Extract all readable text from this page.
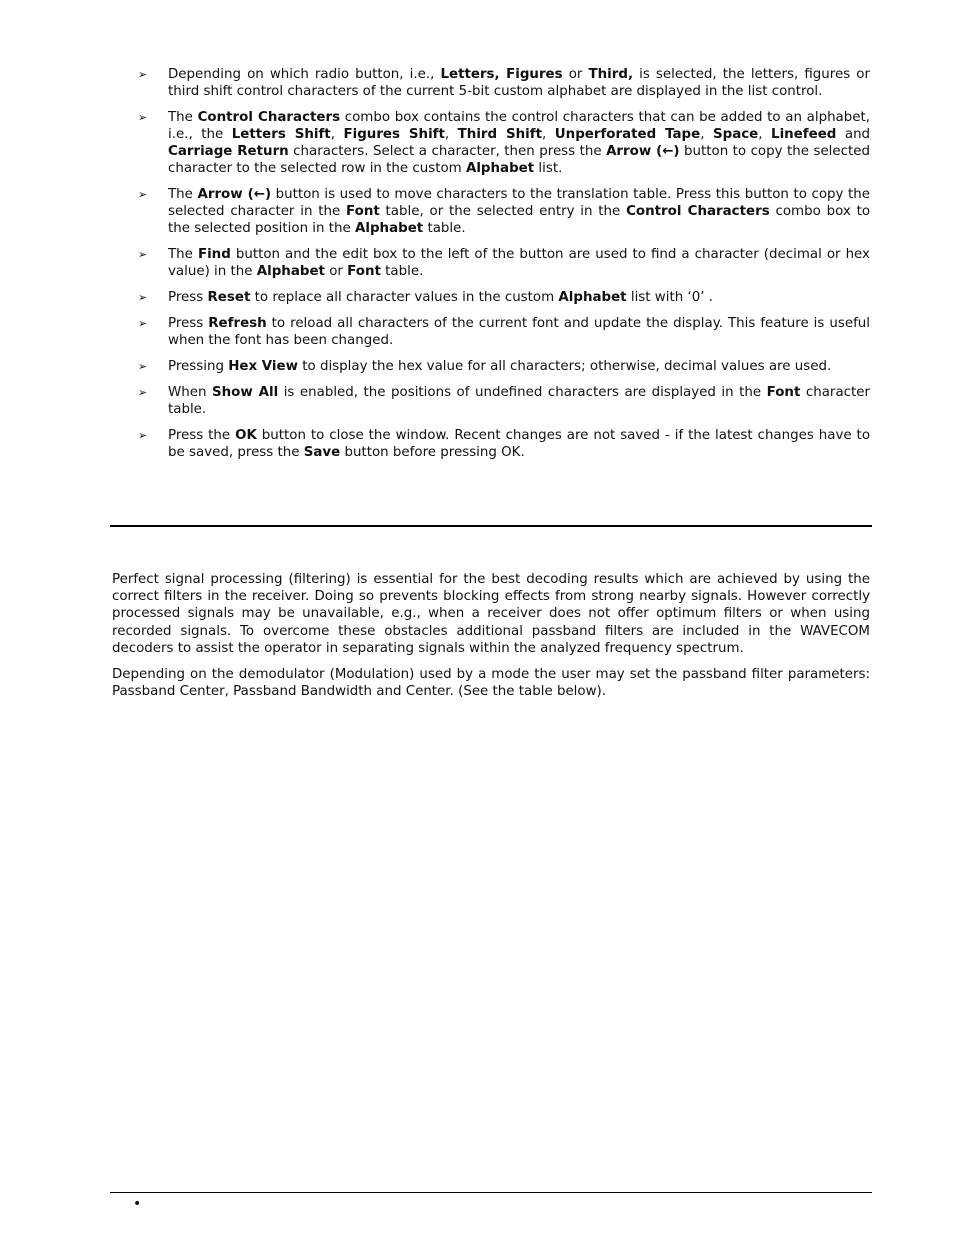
➢ Depending on which radio button, i.e., Letters, Figures or Third, is selected, the letters, figures or third shift control characters of the current 5-bit custom alphabet are displayed in the list control.
➢ The Control Characters combo box contains the control characters that can be added to an alphabet, i.e., the Letters Shift, Figures Shift, Third Shift, Unperforated Tape, Space, Linefeed and Carriage Return characters. Select a character, then press the Arrow (←) button to copy the selected character to the selected row in the custom Alphabet list.
➢ The Arrow (←) button is used to move characters to the translation table. Press this button to copy the selected character in the Font table, or the selected entry in the Control Characters combo box to the selected position in the Alphabet table.
➢ The Find button and the edit box to the left of the button are used to find a character (decimal or hex value) in the Alphabet or Font table.
➢ Press Reset to replace all character values in the custom Alphabet list with ‘0’ .
➢ Press Refresh to reload all characters of the current font and update the display. This feature is useful when the font has been changed.
➢ Pressing Hex View to display the hex value for all characters; otherwise, decimal values are used.
➢ When Show All is enabled, the positions of undefined characters are displayed in the Font character table.
➢ Press the OK button to close the window. Recent changes are not saved - if the latest changes have to be saved, press the Save button before pressing OK.

Perfect signal processing (filtering) is essential for the best decoding results which are achieved by using the correct filters in the receiver. Doing so prevents blocking effects from strong nearby signals. However correctly processed signals may be unavailable, e.g., when a receiver does not offer optimum filters or when using recorded signals. To overcome these obstacles additional passband filters are included in the WAVECOM decoders to assist the operator in separating signals within the analyzed frequency spectrum.

Depending on the demodulator (Modulation) used by a mode the user may set the passband filter parameters: Passband Center, Passband Bandwidth and Center. (See the table below).

•
